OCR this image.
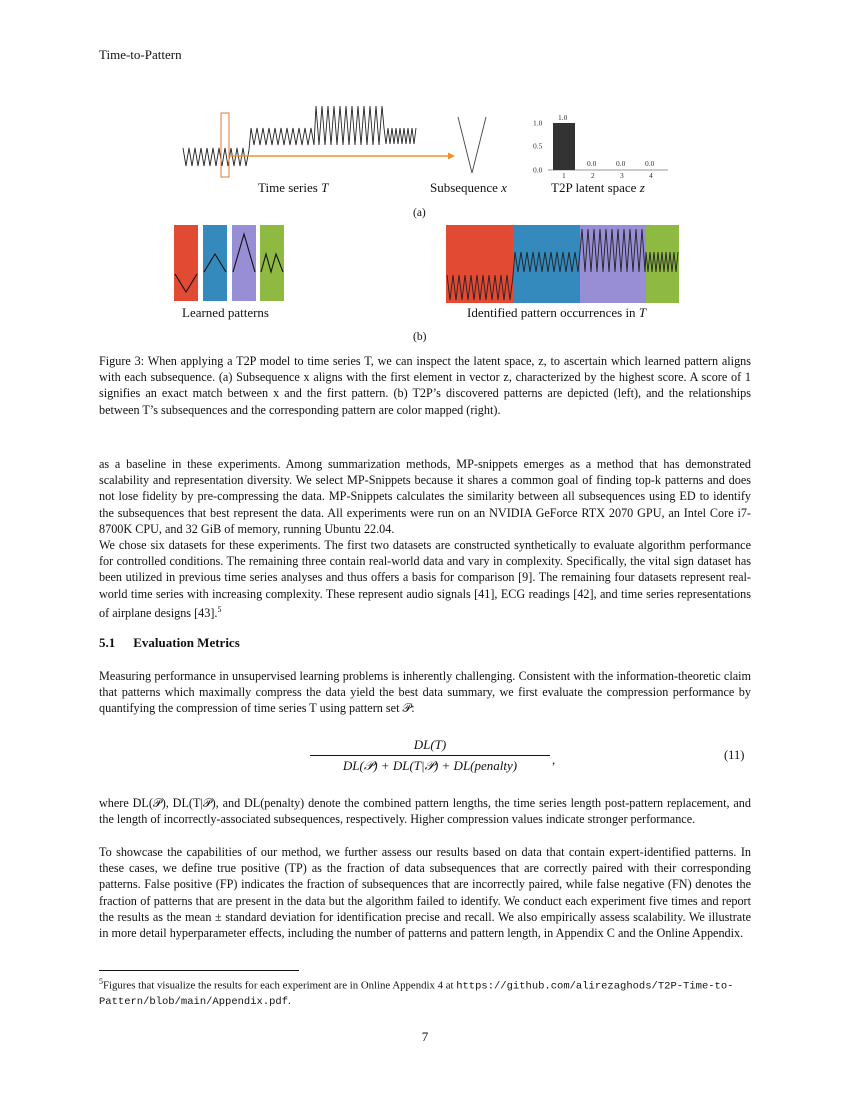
Time-to-Pattern
0.0
0.5
1.0
1.0
0.0	0.0	0.0
1	2	3	4
Time series T	Subsequence x	T2P latent space z
(a)
Learned patterns	Identified pattern occurrences in T
(b)
Figure 3: When applying a T2P model to time series T, we can inspect the latent space, z, to ascertain which learned pattern aligns with each subsequence. (a) Subsequence x aligns with the first element in vector z, characterized by the highest score. A score of 1 signifies an exact match between x and the first pattern. (b) T2P’s discovered patterns are depicted (left), and the relationships between T’s subsequences and the corresponding pattern are color mapped (right).

as a baseline in these experiments. Among summarization methods, MP-snippets emerges as a method that has demonstrated scalability and representation diversity. We select MP-Snippets because it shares a common goal of finding top-k patterns and does not lose fidelity by pre-compressing the data. MP-Snippets calculates the similarity between all subsequences using ED to identify the subsequences that best represent the data. All experiments were run on an NVIDIA GeForce RTX 2070 GPU, an Intel Core i7-8700K CPU, and 32 GiB of memory, running Ubuntu 22.04.

We chose six datasets for these experiments. The first two datasets are constructed synthetically to evaluate algorithm performance for controlled conditions. The remaining three contain real-world data and vary in complexity. Specifically, the vital sign dataset has been utilized in previous time series analyses and thus offers a basis for comparison [9]. The remaining four datasets represent real-world time series with increasing complexity. These represent audio signals [41], ECG readings [42], and time series representations of airplane designs [43].$^5$

5.1 Evaluation Metrics

Measuring performance in unsupervised learning problems is inherently challenging. Consistent with the information-theoretic claim that patterns which maximally compress the data yield the best data summary, we first evaluate the compression performance by quantifying the compression of time series T using pattern set 𝒫:

DL(T)
DL(𝒫) + DL(T|𝒫) + DL(penalty)	,	(11)

where DL(𝒫), DL(T|𝒫), and DL(penalty) denote the combined pattern lengths, the time series length post-pattern replacement, and the length of incorrectly-associated subsequences, respectively. Higher compression values indicate stronger performance.

To showcase the capabilities of our method, we further assess our results based on data that contain expert-identified patterns. In these cases, we define true positive (TP) as the fraction of data subsequences that are correctly paired with their corresponding patterns. False positive (FP) indicates the fraction of subsequences that are incorrectly paired, while false negative (FN) denotes the fraction of patterns that are present in the data but the algorithm failed to identify. We conduct each experiment five times and report the results as the mean ± standard deviation for identification precise and recall. We also empirically assess scalability. We illustrate in more detail hyperparameter effects, including the number of patterns and pattern length, in Appendix C and the Online Appendix.

$^5$Figures that visualize the results for each experiment are in Online Appendix 4 at https://github.com/alirezaghods/T2P-Time-to-Pattern/blob/main/Appendix.pdf.
7
